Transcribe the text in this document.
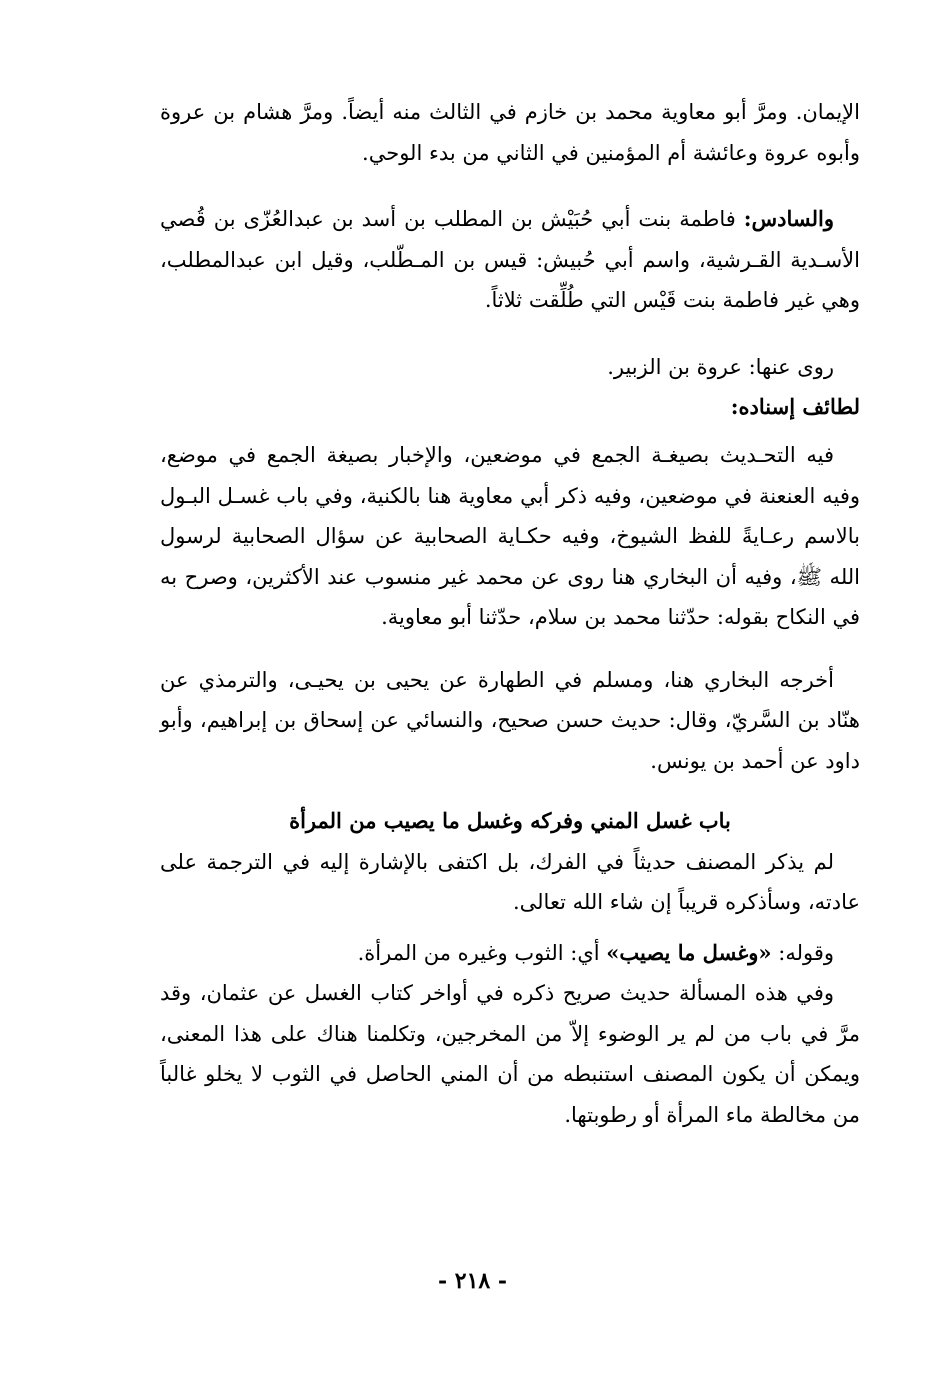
الإيمان. ومرَّ أبو معاوية محمد بن خازم في الثالث منه أيضاً. ومرَّ هشام بن عروة وأبوه عروة وعائشة أم المؤمنين في الثاني من بدء الوحي.

والسادس: فاطمة بنت أبي حُبَيْش بن المطلب بن أسد بن عبدالعُزّى بن قُصي الأسـدية القـرشية، واسم أبي حُبيش: قيس بن المـطّلب، وقيل ابن عبدالمطلب، وهي غير فاطمة بنت قَيْس التي طُلِّقت ثلاثاً.

روى عنها: عروة بن الزبير.

لطائف إسناده:

فيه التحـديث بصيغـة الجمع في موضعين، والإخبار بصيغة الجمع في موضع، وفيه العنعنة في موضعين، وفيه ذكر أبي معاوية هنا بالكنية، وفي باب غسـل البـول بالاسم رعـايةً للفظ الشيوخ، وفيه حكـاية الصحابية عن سؤال الصحابية لرسول الله ﷺ، وفيه أن البخاري هنا روى عن محمد غير منسوب عند الأكثرين، وصرح به في النكاح بقوله: حدّثنا محمد بن سلام، حدّثنا أبو معاوية.

أخرجه البخاري هنا، ومسلم في الطهارة عن يحيى بن يحيـى، والترمذي عن هنّاد بن السَّريّ، وقال: حديث حسن صحيح، والنسائي عن إسحاق بن إبراهيم، وأبو داود عن أحمد بن يونس.

باب غسل المني وفركه وغسل ما يصيب من المرأة

لم يذكر المصنف حديثاً في الفرك، بل اكتفى بالإشارة إليه في الترجمة على عادته، وسأذكره قريباً إن شاء الله تعالى.

وقوله: «وغسل ما يصيب» أي: الثوب وغيره من المرأة.

وفي هذه المسألة حديث صريح ذكره في أواخر كتاب الغسل عن عثمان، وقد مرَّ في باب من لم ير الوضوء إلاّ من المخرجين، وتكلمنا هناك على هذا المعنى، ويمكن أن يكون المصنف استنبطه من أن المني الحاصل في الثوب لا يخلو غالباً من مخالطة ماء المرأة أو رطوبتها.

- ٢١٨ -
